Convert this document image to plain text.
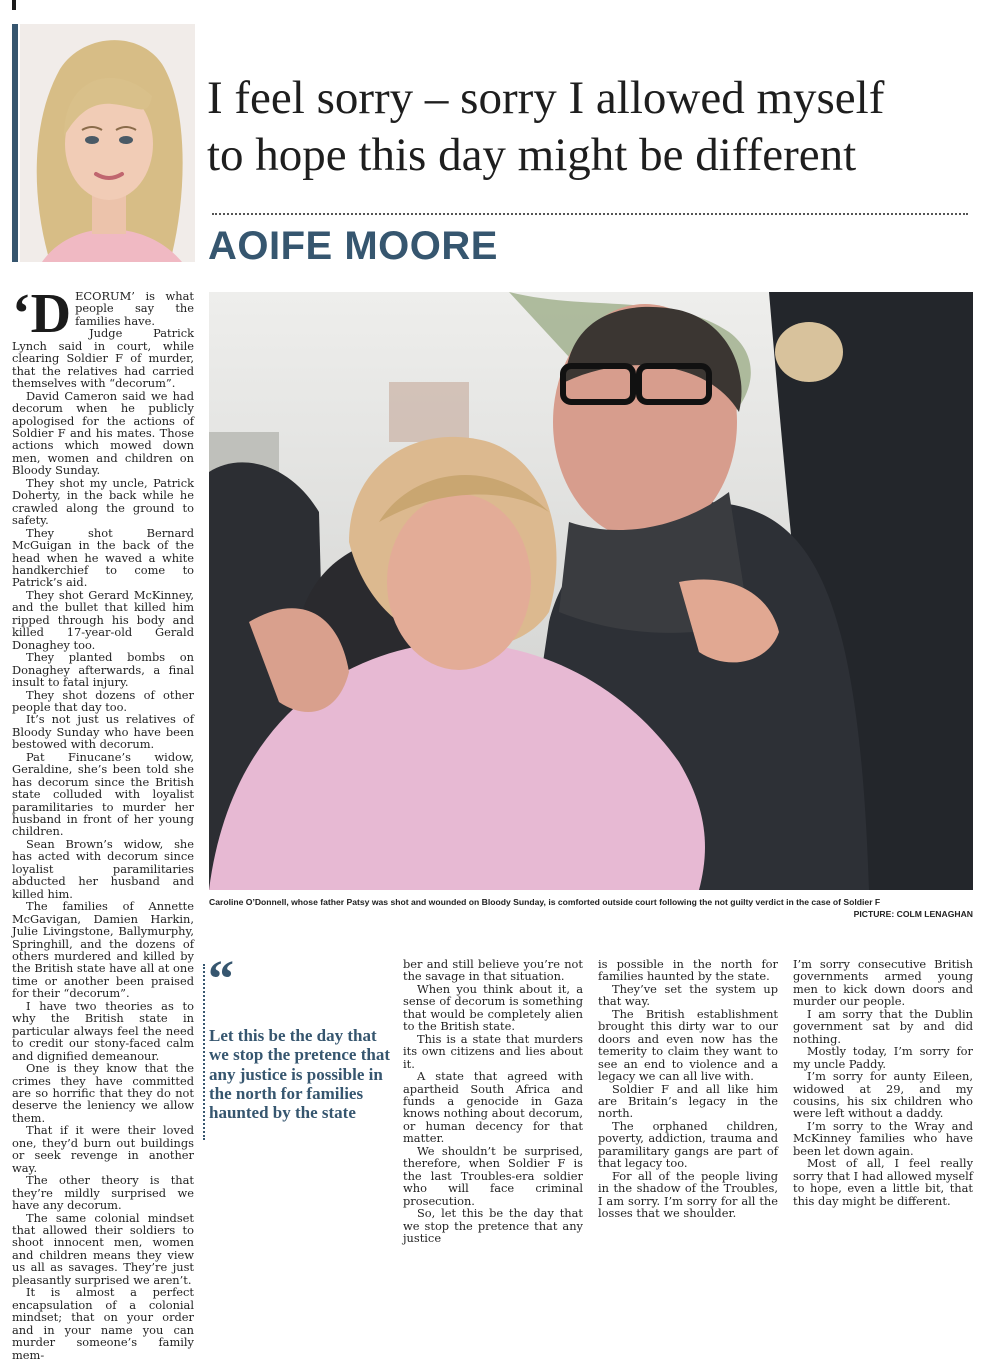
I feel sorry – sorry I allowed myself
to hope this day might be different
AOIFE MOORE

‘DECORUM’ is what people say the families have.

Judge Patrick Lynch said in court, while clearing Soldier F of murder, that the relatives had carried themselves with “decorum”.

David Cameron said we had decorum when he publicly apologised for the actions of Soldier F and his mates. Those actions which mowed down men, women and children on Bloody Sunday.

They shot my uncle, Patrick Doherty, in the back while he crawled along the ground to safety.

They shot Bernard McGuigan in the back of the head when he waved a white handkerchief to come to Patrick’s aid.

They shot Gerard McKinney, and the bullet that killed him ripped through his body and killed 17-year-old Gerald Donaghey too.

They planted bombs on Donaghey afterwards, a final insult to fatal injury.

They shot dozens of other people that day too.

It’s not just us relatives of Bloody Sunday who have been bestowed with decorum.

Pat Finucane’s widow, Geraldine, she’s been told she has decorum since the British state colluded with loyalist paramilitaries to murder her husband in front of her young children.

Sean Brown’s widow, she has acted with decorum since loyalist paramilitaries abducted her husband and killed him.

The families of Annette McGavigan, Damien Harkin, Julie Livingstone, Ballymurphy, Springhill, and the dozens of others murdered and killed by the British state have all at one time or another been praised for their “decorum”.

I have two theories as to why the British state in particular always feel the need to credit our stony-faced calm and dignified demeanour.

One is they know that the crimes they have committed are so horrific that they do not deserve the leniency we allow them.

That if it were their loved one, they’d burn out buildings or seek revenge in another way.

The other theory is that they’re mildly surprised we have any decorum.

The same colonial mindset that allowed their soldiers to shoot innocent men, women and children means they view us all as savages. They’re just pleasantly surprised we aren’t.

It is almost a perfect encapsulation of a colonial mindset; that on your order and in your name you can murder someone’s family mem-

Caroline O’Donnell, whose father Patsy was shot and wounded on Bloody Sunday, is comforted outside court following the not guilty verdict in the case of Soldier F

PICTURE: COLM LENAGHAN

“

Let this be the day that we stop the pretence that any justice is possible in the north for families haunted by the state

ber and still believe you’re not the savage in that situation.

When you think about it, a sense of decorum is something that would be completely alien to the British state.

This is a state that murders its own citizens and lies about it.

A state that agreed with apartheid South Africa and funds a genocide in Gaza knows nothing about decorum, or human decency for that matter.

We shouldn’t be surprised, therefore, when Soldier F is the last Troubles-era soldier who will face criminal prosecution.

So, let this be the day that we stop the pretence that any justice

is possible in the north for families haunted by the state.

They’ve set the system up that way.

The British establishment brought this dirty war to our doors and even now has the temerity to claim they want to see an end to violence and a legacy we can all live with.

Soldier F and all like him are Britain’s legacy in the north.

The orphaned children, poverty, addiction, trauma and paramilitary gangs are part of that legacy too.

For all of the people living in the shadow of the Troubles, I am sorry. I’m sorry for all the losses that we shoulder.

I’m sorry consecutive British governments armed young men to kick down doors and murder our people.

I am sorry that the Dublin government sat by and did nothing.

Mostly today, I’m sorry for my uncle Paddy.

I’m sorry for aunty Eileen, widowed at 29, and my cousins, his six children who were left without a daddy.

I’m sorry to the Wray and McKinney families who have been let down again.

Most of all, I feel really sorry that I had allowed myself to hope, even a little bit, that this day might be different.
